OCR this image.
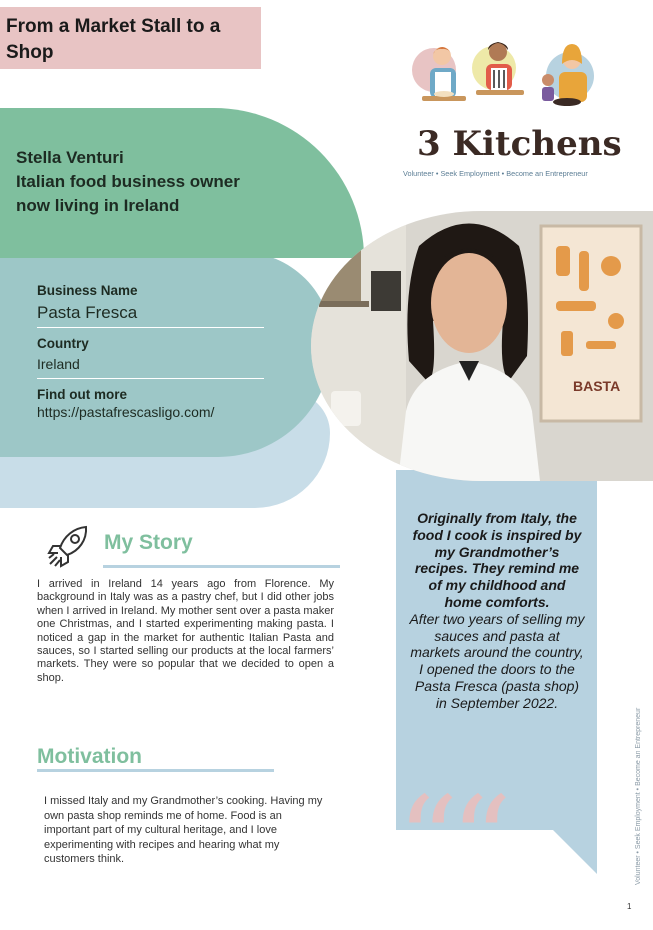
From a Market Stall to a Shop
Stella Venturi
Italian food business owner
now living in Ireland
Business Name
Pasta Fresca
Country
Ireland
Find out more
https://pastafrescasligo.com/
3 Kitchens
Volunteer • Seek Employment • Become an Entrepreneur
BASTA
Originally from Italy, the food I cook is inspired by my Grandmother’s recipes. They remind me of my childhood and home comforts.
After two years of selling my sauces and pasta at markets around the country, I opened the doors to the Pasta Fresca (pasta shop) in September 2022.
““
My Story
I arrived in Ireland 14 years ago from Florence. My background in Italy was as a pastry chef, but I did other jobs when I arrived in Ireland. My mother sent over a pasta maker one Christmas, and I started experimenting making pasta. I noticed a gap in the market for authentic Italian Pasta and sauces, so I started selling our products at the local farmers’ markets. They were so popular that we decided to open a shop.
Motivation
I missed Italy and my Grandmother’s cooking. Having my own pasta shop reminds me of home. Food is an important part of my cultural heritage, and I love experimenting with recipes and hearing what my customers think.	Volunteer • Seek Employment • Become an Entrepreneur
1
